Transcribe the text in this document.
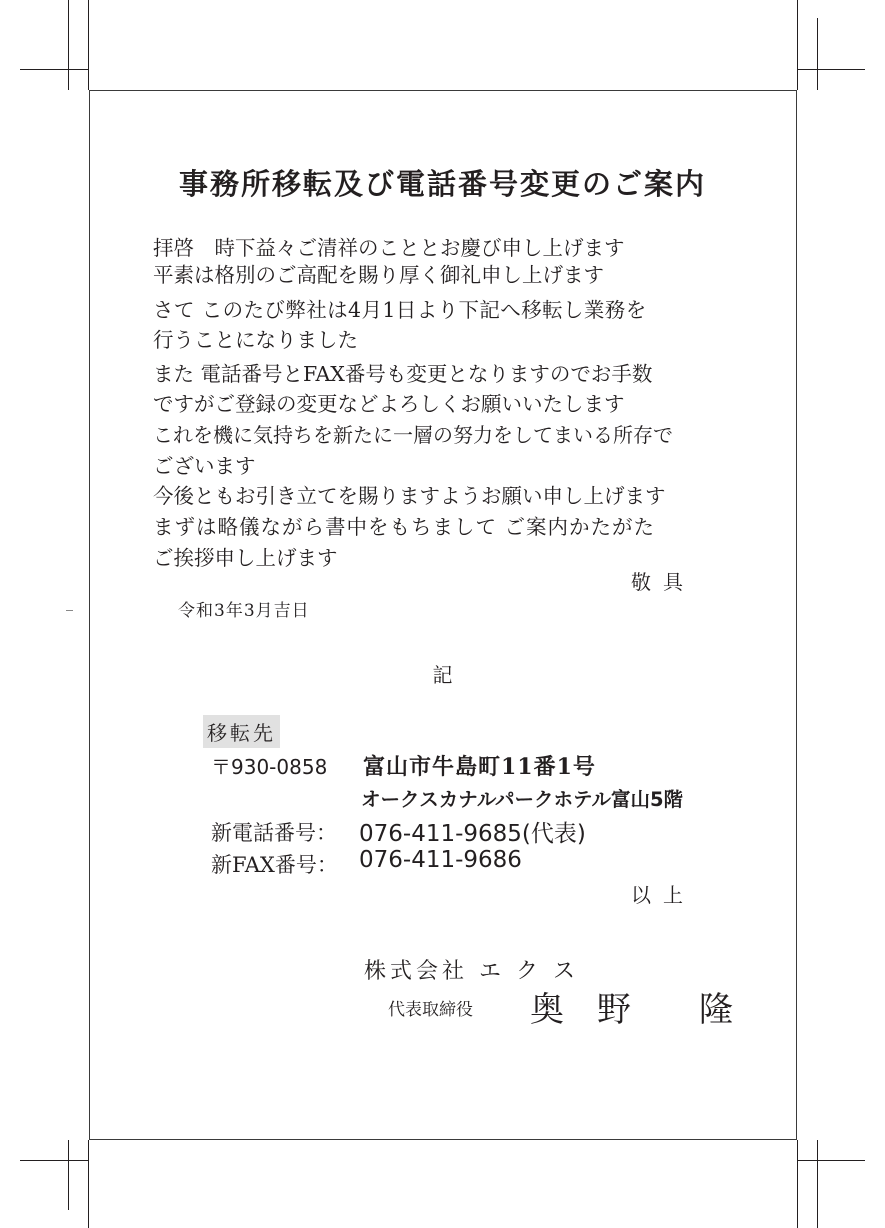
事務所移転及び電話番号変更のご案内
拝啓　時下益々ご清祥のこととお慶び申し上げます
平素は格別のご高配を賜り厚く御礼申し上げます
さて このたび弊社は4月1日より下記へ移転し業務を
行うことになりました
また 電話番号とFAX番号も変更となりますのでお手数
ですがご登録の変更などよろしくお願いいたします
これを機に気持ちを新たに一層の努力をしてまいる所存で
ございます
今後ともお引き立てを賜りますようお願い申し上げます
まずは略儀ながら書中をもちまして ご案内かたがた
ご挨拶申し上げます
敬具
令和3年3月吉日
記
移転先
〒930-0858 富山市牛島町11番1号
オークスカナルパークホテル富山5階
新電話番号： 076-411-9685(代表)
新FAX番号： 076-411-9686
以上
株式会社 エ ク ス
代表取締役 奥 野 隆
